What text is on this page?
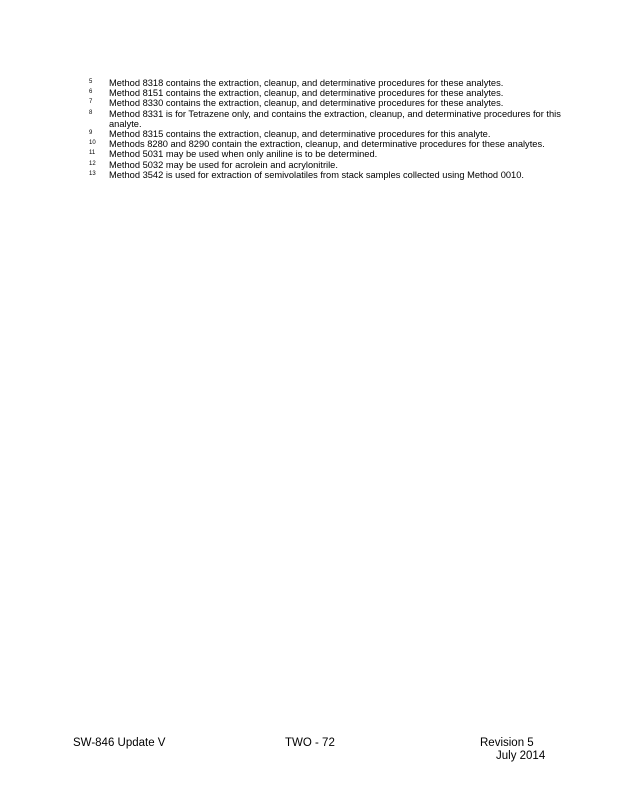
5	Method 8318 contains the extraction, cleanup, and determinative procedures for these analytes.
6	Method 8151 contains the extraction, cleanup, and determinative procedures for these analytes.
7	Method 8330 contains the extraction, cleanup, and determinative procedures for these analytes.
8	Method 8331 is for Tetrazene only, and contains the extraction, cleanup, and determinative procedures for this analyte.
9	Method 8315 contains the extraction, cleanup, and determinative procedures for this analyte.
10	Methods 8280 and 8290 contain the extraction, cleanup, and determinative procedures for these analytes.
11	Method 5031 may be used when only aniline is to be determined.
12	Method 5032 may be used for acrolein and acrylonitrile.
13	Method 3542 is used for extraction of semivolatiles from stack samples collected using Method 0010.
SW-846 Update V	TWO - 72	Revision 5
July 2014
